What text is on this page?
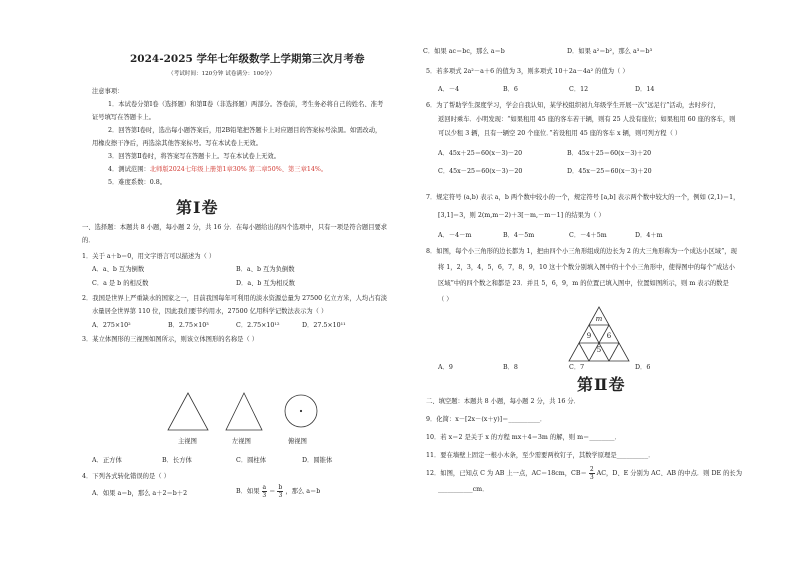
2024-2025 学年七年级数学上学期第三次月考卷
（考试时间：120分钟 试卷满分：100分）
注意事项：
1．本试卷分第Ⅰ卷（选择题）和第Ⅱ卷（非选择题）两部分。答卷前，考生务必将自己的姓名、准考
证号填写在答题卡上。
2．回答第Ⅰ卷时，选出每小题答案后，用2B铅笔把答题卡上对应题目的答案标号涂黑。如需改动，
用橡皮擦干净后，再选涂其他答案标号。写在本试卷上无效。
3．回答第Ⅱ卷时，将答案写在答题卡上。写在本试卷上无效。
4．测试范围：北师版2024七年级上册第1章30% 第二章50%、第三章14%。
5．难度系数：0.8。
第Ⅰ卷
一、选择题：本题共 8 小题，每小题 2 分，共 16 分．在每小题给出的四个选项中，只有一项是符合题目要求
的．
1．关于 a＋b＝0，用文字语言可以描述为（ ）
A．a、b 互为倒数	B．a、b 互为负倒数
C．a 是 b 的相反数	D．a、b 互为相反数
2．我国是世界上严重缺水的国家之一，目前我国每年可利用的淡水资源总量为 27500 亿立方米，人均占有淡
水量居全世界第 110 位，因此我们要节约用水，27500 亿用科学记数法表示为（ ）
A．275×10²	B．2.75×10³	C．2.75×10¹²	D．27.5×10¹¹
3．某立体图形的三视图如图所示，则该立体图形的名称是（ ）
主视图	左视图	俯视图
A．正方体	B．长方体	C．圆柱体	D．圆锥体
4．下列各式转化错误的是（ ）
A．如果 a＝b，那么 a＋2＝b＋2	B．如果 $\frac{a}{3} = \frac{b}{3}$ ，那么 a＝b
C．如果 ac＝bc，那么 a＝b	D．如果 a²＝b²，那么 a³＝b³
5．若多项式 2a²－a＋6 的值为 3，则多项式 10＋2a－4a² 的值为（ ）
A．－4	B．6	C．12	D．14
6．为了帮助学生深度学习，学会自我认知，某学校组织初九年级学生开展一次“远足行”活动，去时步行，
返回时乘车．小明发现：“如果租用 45 座的客车若干辆，则有 25 人没有座位；如果租用 60 座的客车，则
可以少租 3 辆，且有一辆空 20 个座位．”若设租用 45 座的客车 x 辆，则可列方程（ ）
A．45x＋25＝60(x－3)－20	B．45x＋25＝60(x－3)＋20
C．45x－25＝60(x－3)－20	D．45x－25＝60(x－3)＋20
7．规定符号 (a,b) 表示 a，b 两个数中较小的一个，规定符号 [a,b] 表示两个数中较大的一个，例如 (2,1)＝1，
[3,1]＝3，则 2(m,m－2)＋3[－m,－m－1] 的结果为（ ）
A．－4－m	B．4－5m	C．－4＋5m	D．4＋m
8．如图，每个小三角形的边长都为 1，把由四个小三角形组成的边长为 2 的大三角形称为一个成达小区域”，现
将 1，2，3，4，5，6，7，8，9，10 这十个数分别填入图中的十个小三角形中，使得图中的每个“成达小
区域”中的四个数之和都是 23．并且 5，6，9，m 的位置已填入图中，位置如图所示，则 m 表示的数是
（ ）
m
9 6
5
A．9	B．8	C．7	D．6
第Ⅱ卷
二、填空题：本题共 8 小题，每小题 2 分，共 16 分．
9．化简：x－[2x－(x＋y)]＝__________．
10．若 x＝2 是关于 x 的方程 mx＋4＝3m 的解，则 m＝________．
11．要在墙壁上固定一根小木条，至少需要两枚钉子，其数学原理是__________．
12．如图，已知点 C 为 AB 上一点，AC＝18cm，$CB= \frac{2}{3}$ AC，D、E 分别为 AC、AB 的中点．则 DE 的长为
___________cm．
